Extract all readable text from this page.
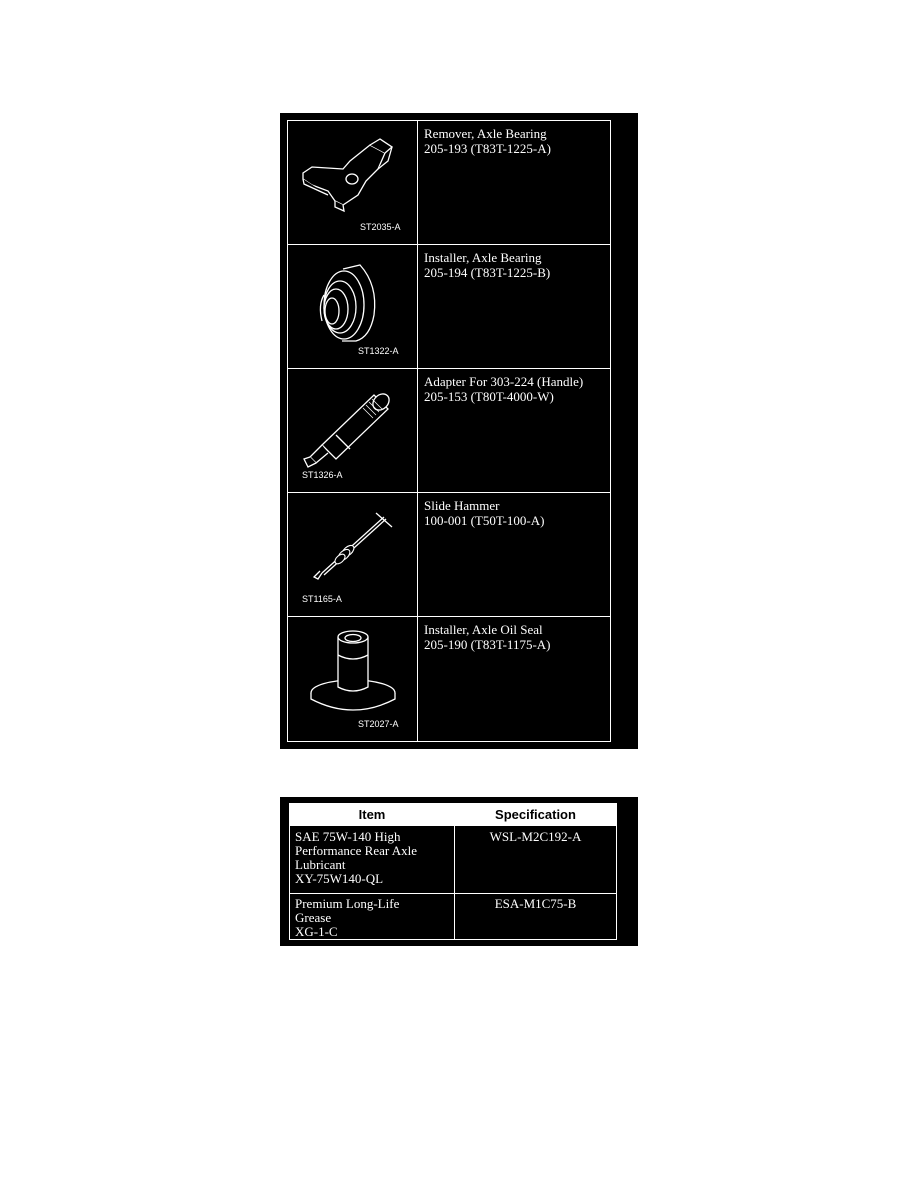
ST2035-A
Remover, Axle Bearing
205-193 (T83T-1225-A)
ST1322-A
Installer, Axle Bearing
205-194 (T83T-1225-B)
ST1326-A
Adapter For 303-224 (Handle)
205-153 (T80T-4000-W)
ST1165-A
Slide Hammer
100-001 (T50T-100-A)
ST2027-A
Installer, Axle Oil Seal
205-190 (T83T-1175-A)
Item	Specification
SAE 75W-140 High
Performance Rear Axle
Lubricant
XY-75W140-QL
WSL-M2C192-A
Premium Long-Life
Grease
XG-1-C
ESA-M1C75-B
